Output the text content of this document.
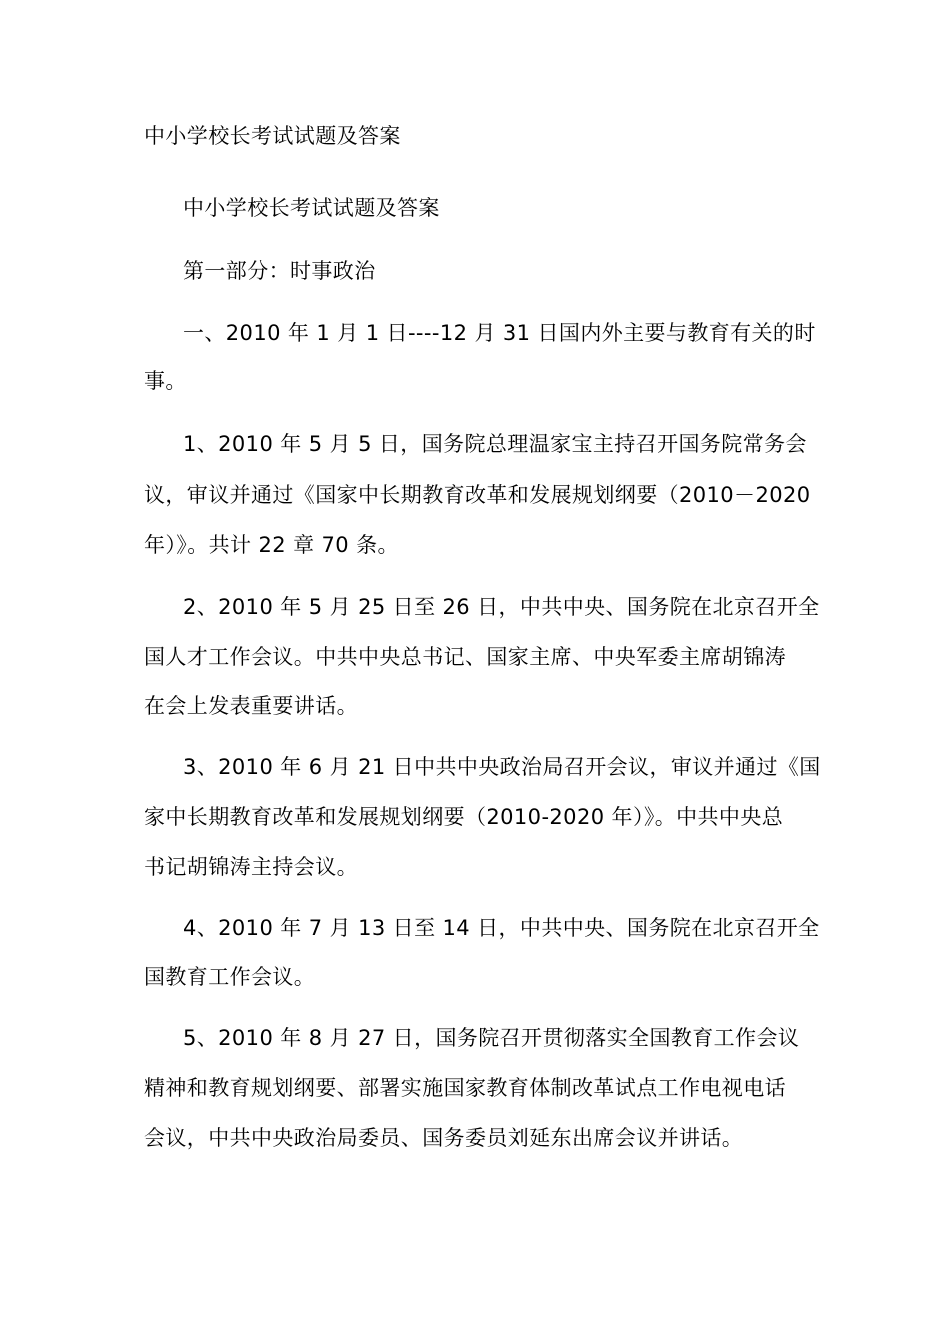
中小学校长考试试题及答案
中小学校长考试试题及答案
第一部分：时事政治
一、2010 年 1 月 1 日----12 月 31 日国内外主要与教育有关的时
事。
1、2010 年 5 月 5 日，国务院总理温家宝主持召开国务院常务会
议，审议并通过《国家中长期教育改革和发展规划纲要（2010－2020
年）》。共计 22 章 70 条。
2、2010 年 5 月 25 日至 26 日，中共中央、国务院在北京召开全
国人才工作会议。中共中央总书记、国家主席、中央军委主席胡锦涛
在会上发表重要讲话。
3、2010 年 6 月 21 日中共中央政治局召开会议，审议并通过《国
家中长期教育改革和发展规划纲要（2010-2020 年）》。中共中央总
书记胡锦涛主持会议。
4、2010 年 7 月 13 日至 14 日，中共中央、国务院在北京召开全
国教育工作会议。
5、2010 年 8 月 27 日，国务院召开贯彻落实全国教育工作会议
精神和教育规划纲要、部署实施国家教育体制改革试点工作电视电话
会议，中共中央政治局委员、国务委员刘延东出席会议并讲话。
